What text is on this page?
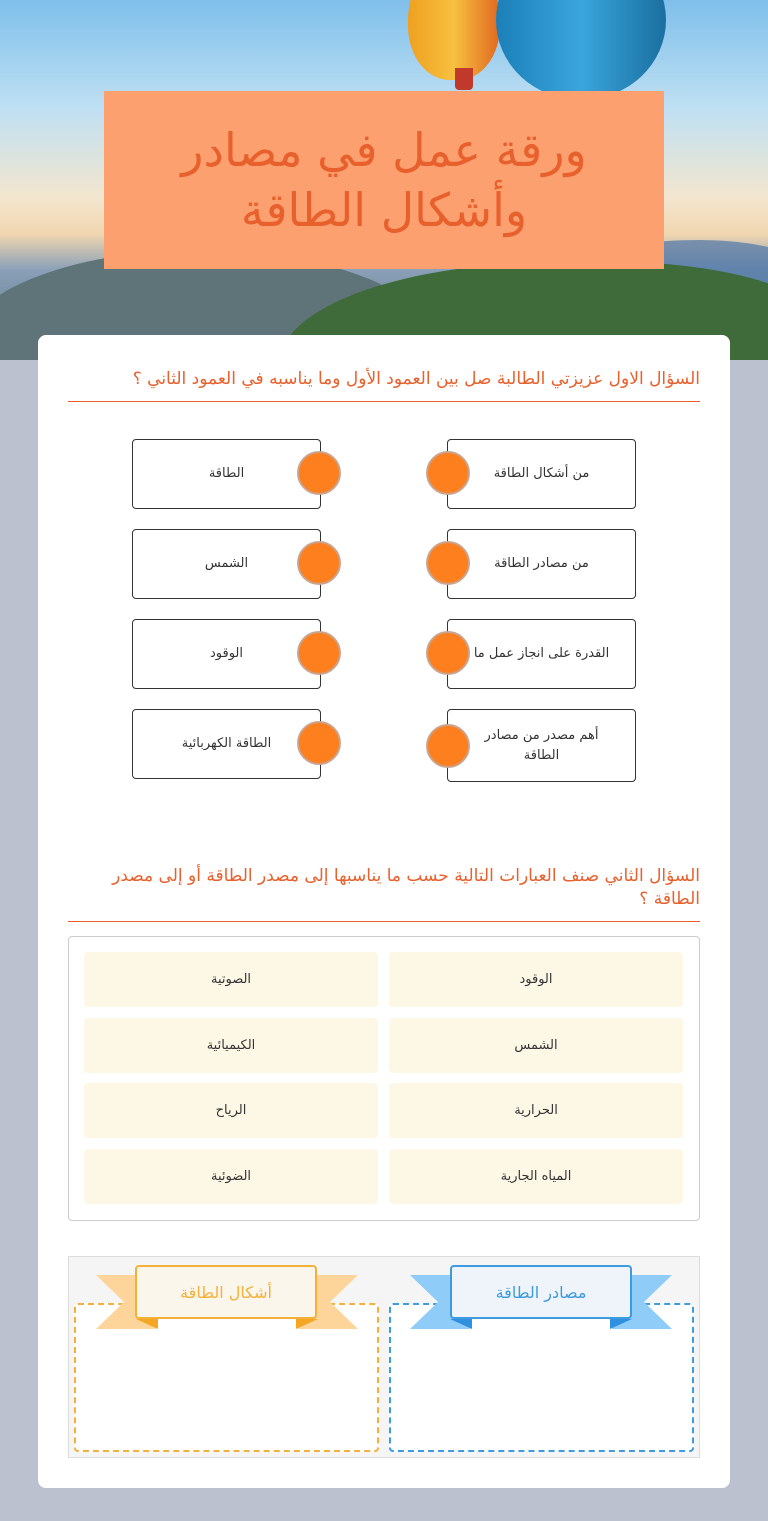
ورقة عمل في مصادر وأشكال الطاقة
السؤال الاول عزيزتي الطالبة صل بين العمود الأول وما يناسبه في العمود الثاني ؟
من أشكال الطاقة
من مصادر الطاقة
القدرة على انجاز عمل ما
أهم مصدر من مصادر الطاقة
الطاقة
الشمس
الوقود
الطاقة الكهربائية
السؤال الثاني صنف العبارات التالية حسب ما يناسبها إلى مصدر الطاقة أو إلى مصدر الطاقة ؟
الوقود
الصوتية
الشمس
الكيميائية
الحرارية
الرياح
المياه الجارية
الضوئية
مصادر الطاقة
أشكال الطاقة
